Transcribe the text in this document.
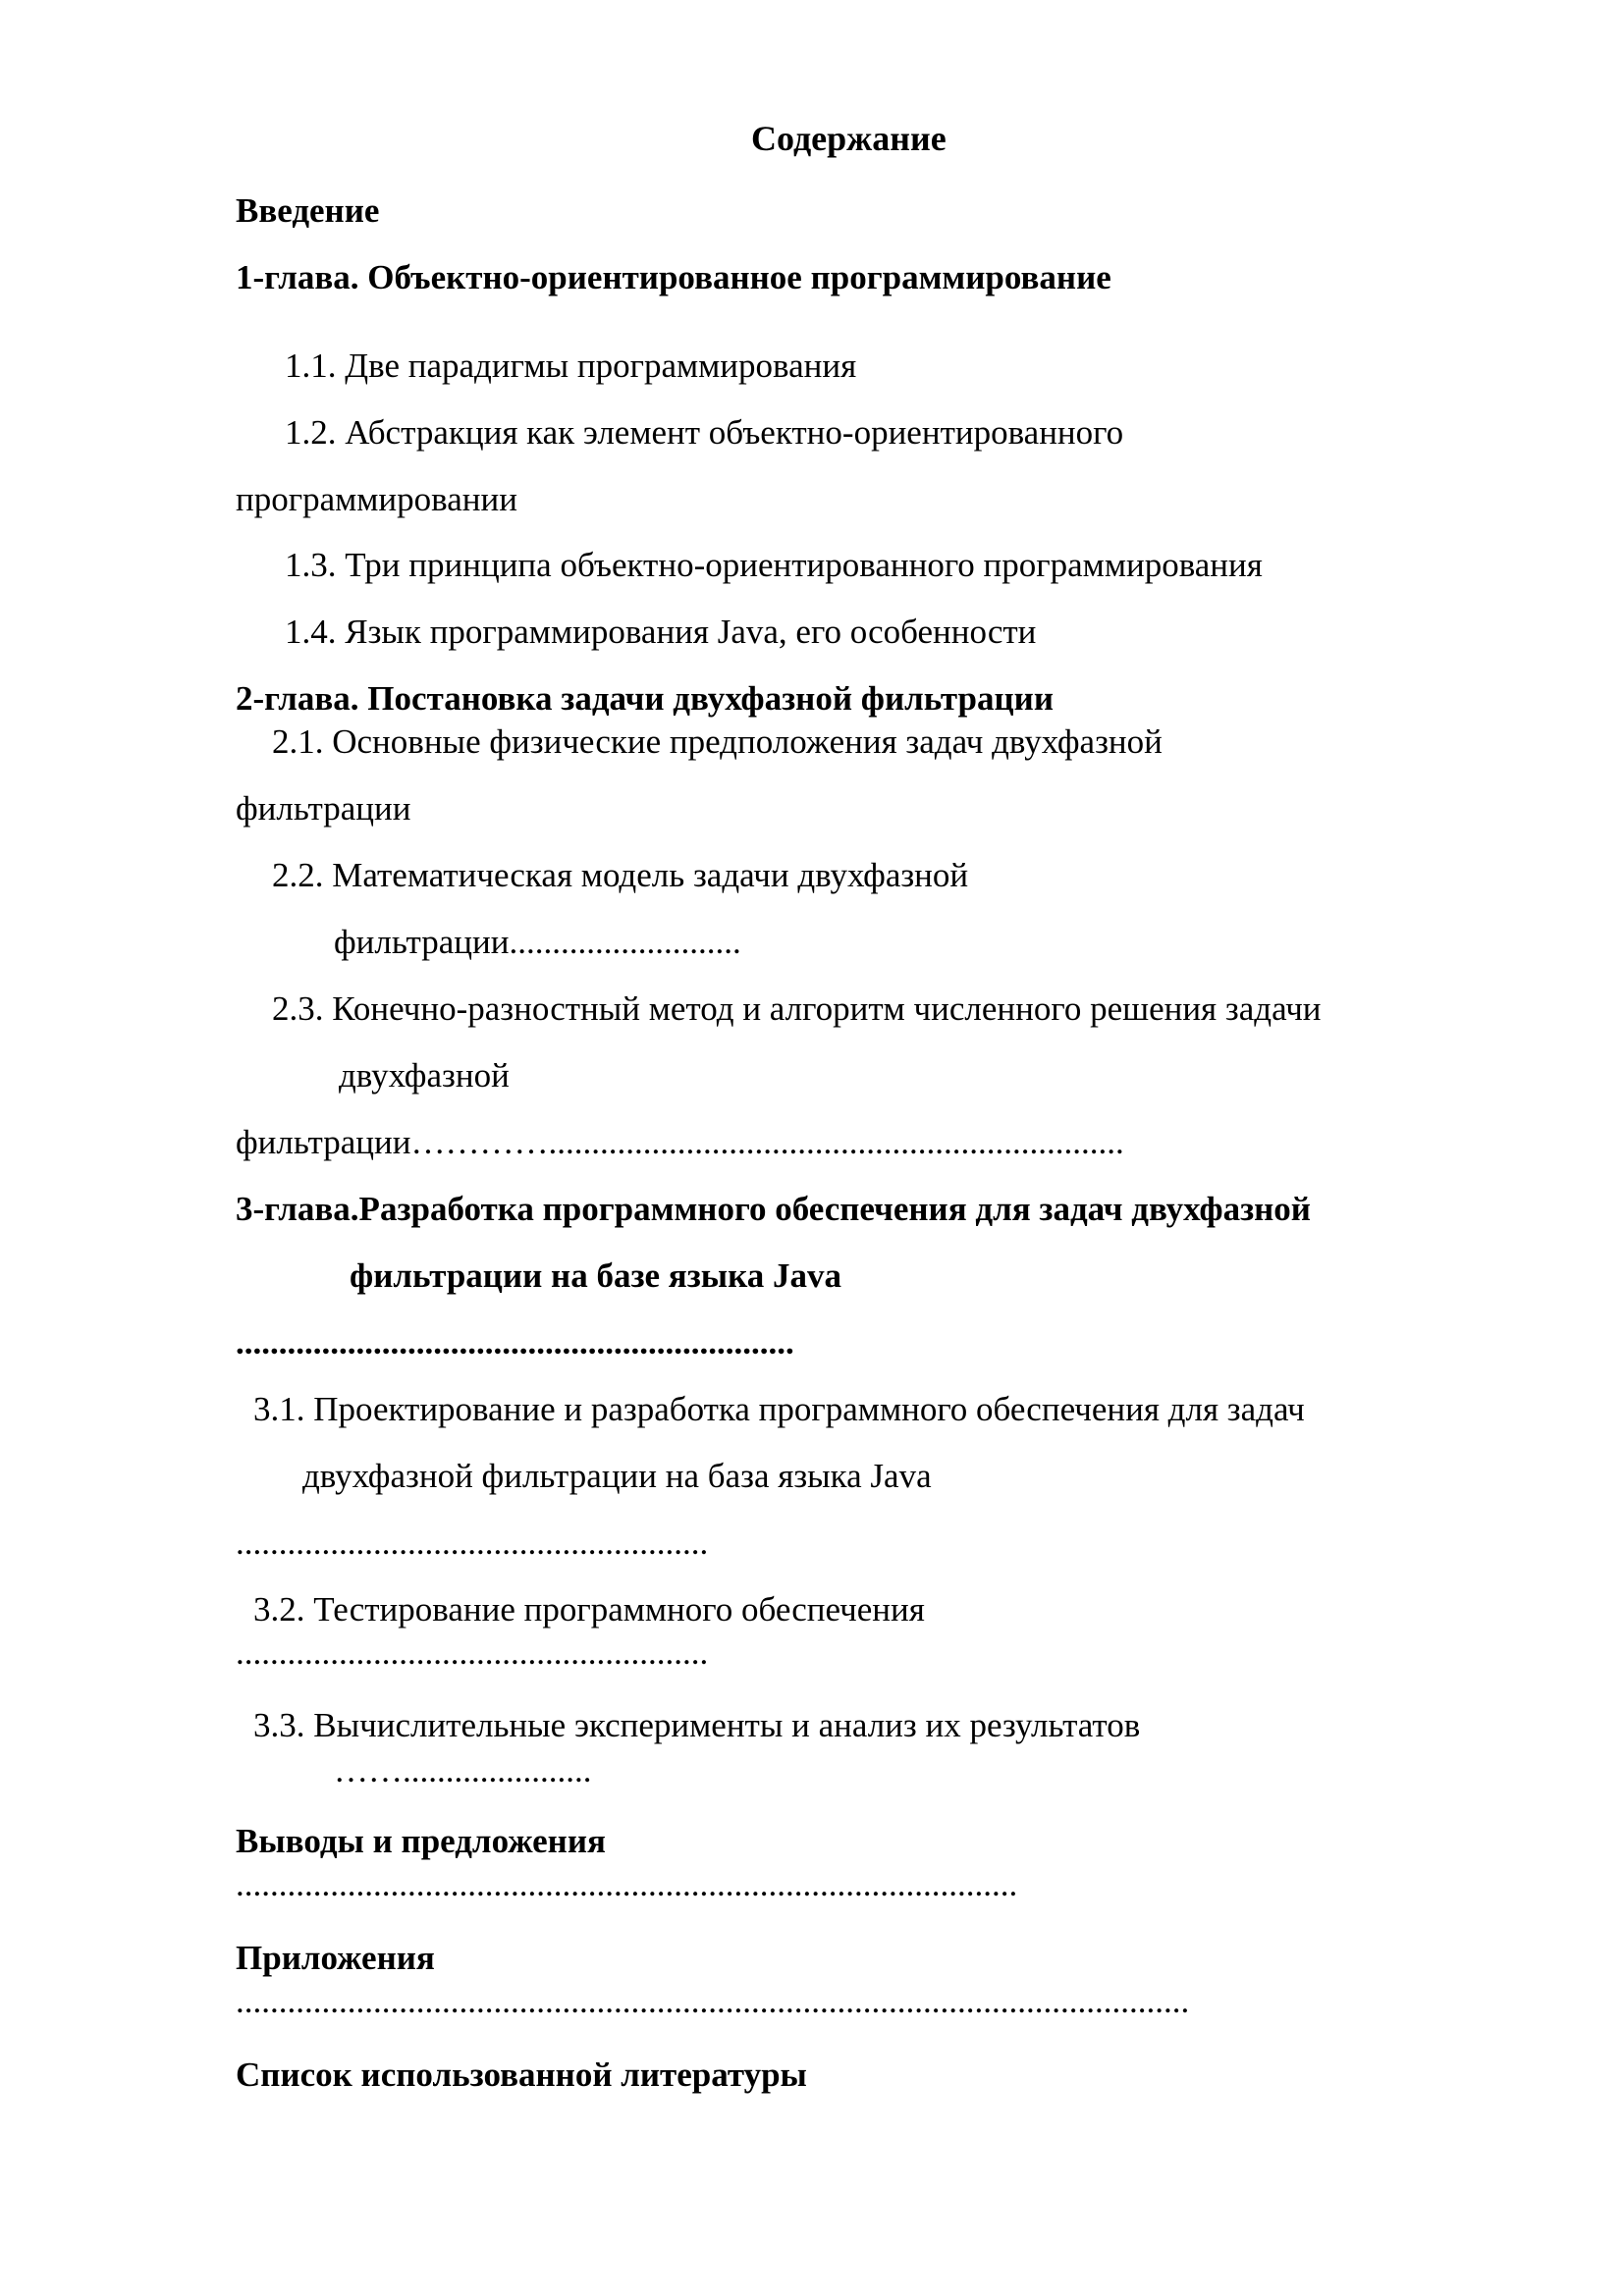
Содержание

Введение

1-глава. Объектно-ориентированное программирование

1.1. Две парадигмы программирования

1.2. Абстракция как элемент объектно-ориентированного

программировании

1.3. Три принципа объектно-ориентированного программирования

1.4. Язык программирования Java, его особенности

2-глава. Постановка задачи двухфазной фильтрации

2.1. Основные физические предположения задач двухфазной

фильтрации

2.2. Математическая модель задачи двухфазной

фильтрации...........................

2.3. Конечно-разностный метод и алгоритм численного решения задачи

двухфазной

фильтрации…………...................................................................

3-глава.Разработка программного обеспечения для задач двухфазной

фильтрации на базе языка Java

.................................................................

3.1. Проектирование и разработка программного обеспечения для задач

двухфазной фильтрации на база языка Java

.......................................................

3.2. Тестирование программного обеспечения

.......................................................

3.3. Вычислительные эксперименты и анализ их результатов

……......................

Выводы и предложения

...........................................................................................

Приложения

...............................................................................................................

Список использованной литературы
